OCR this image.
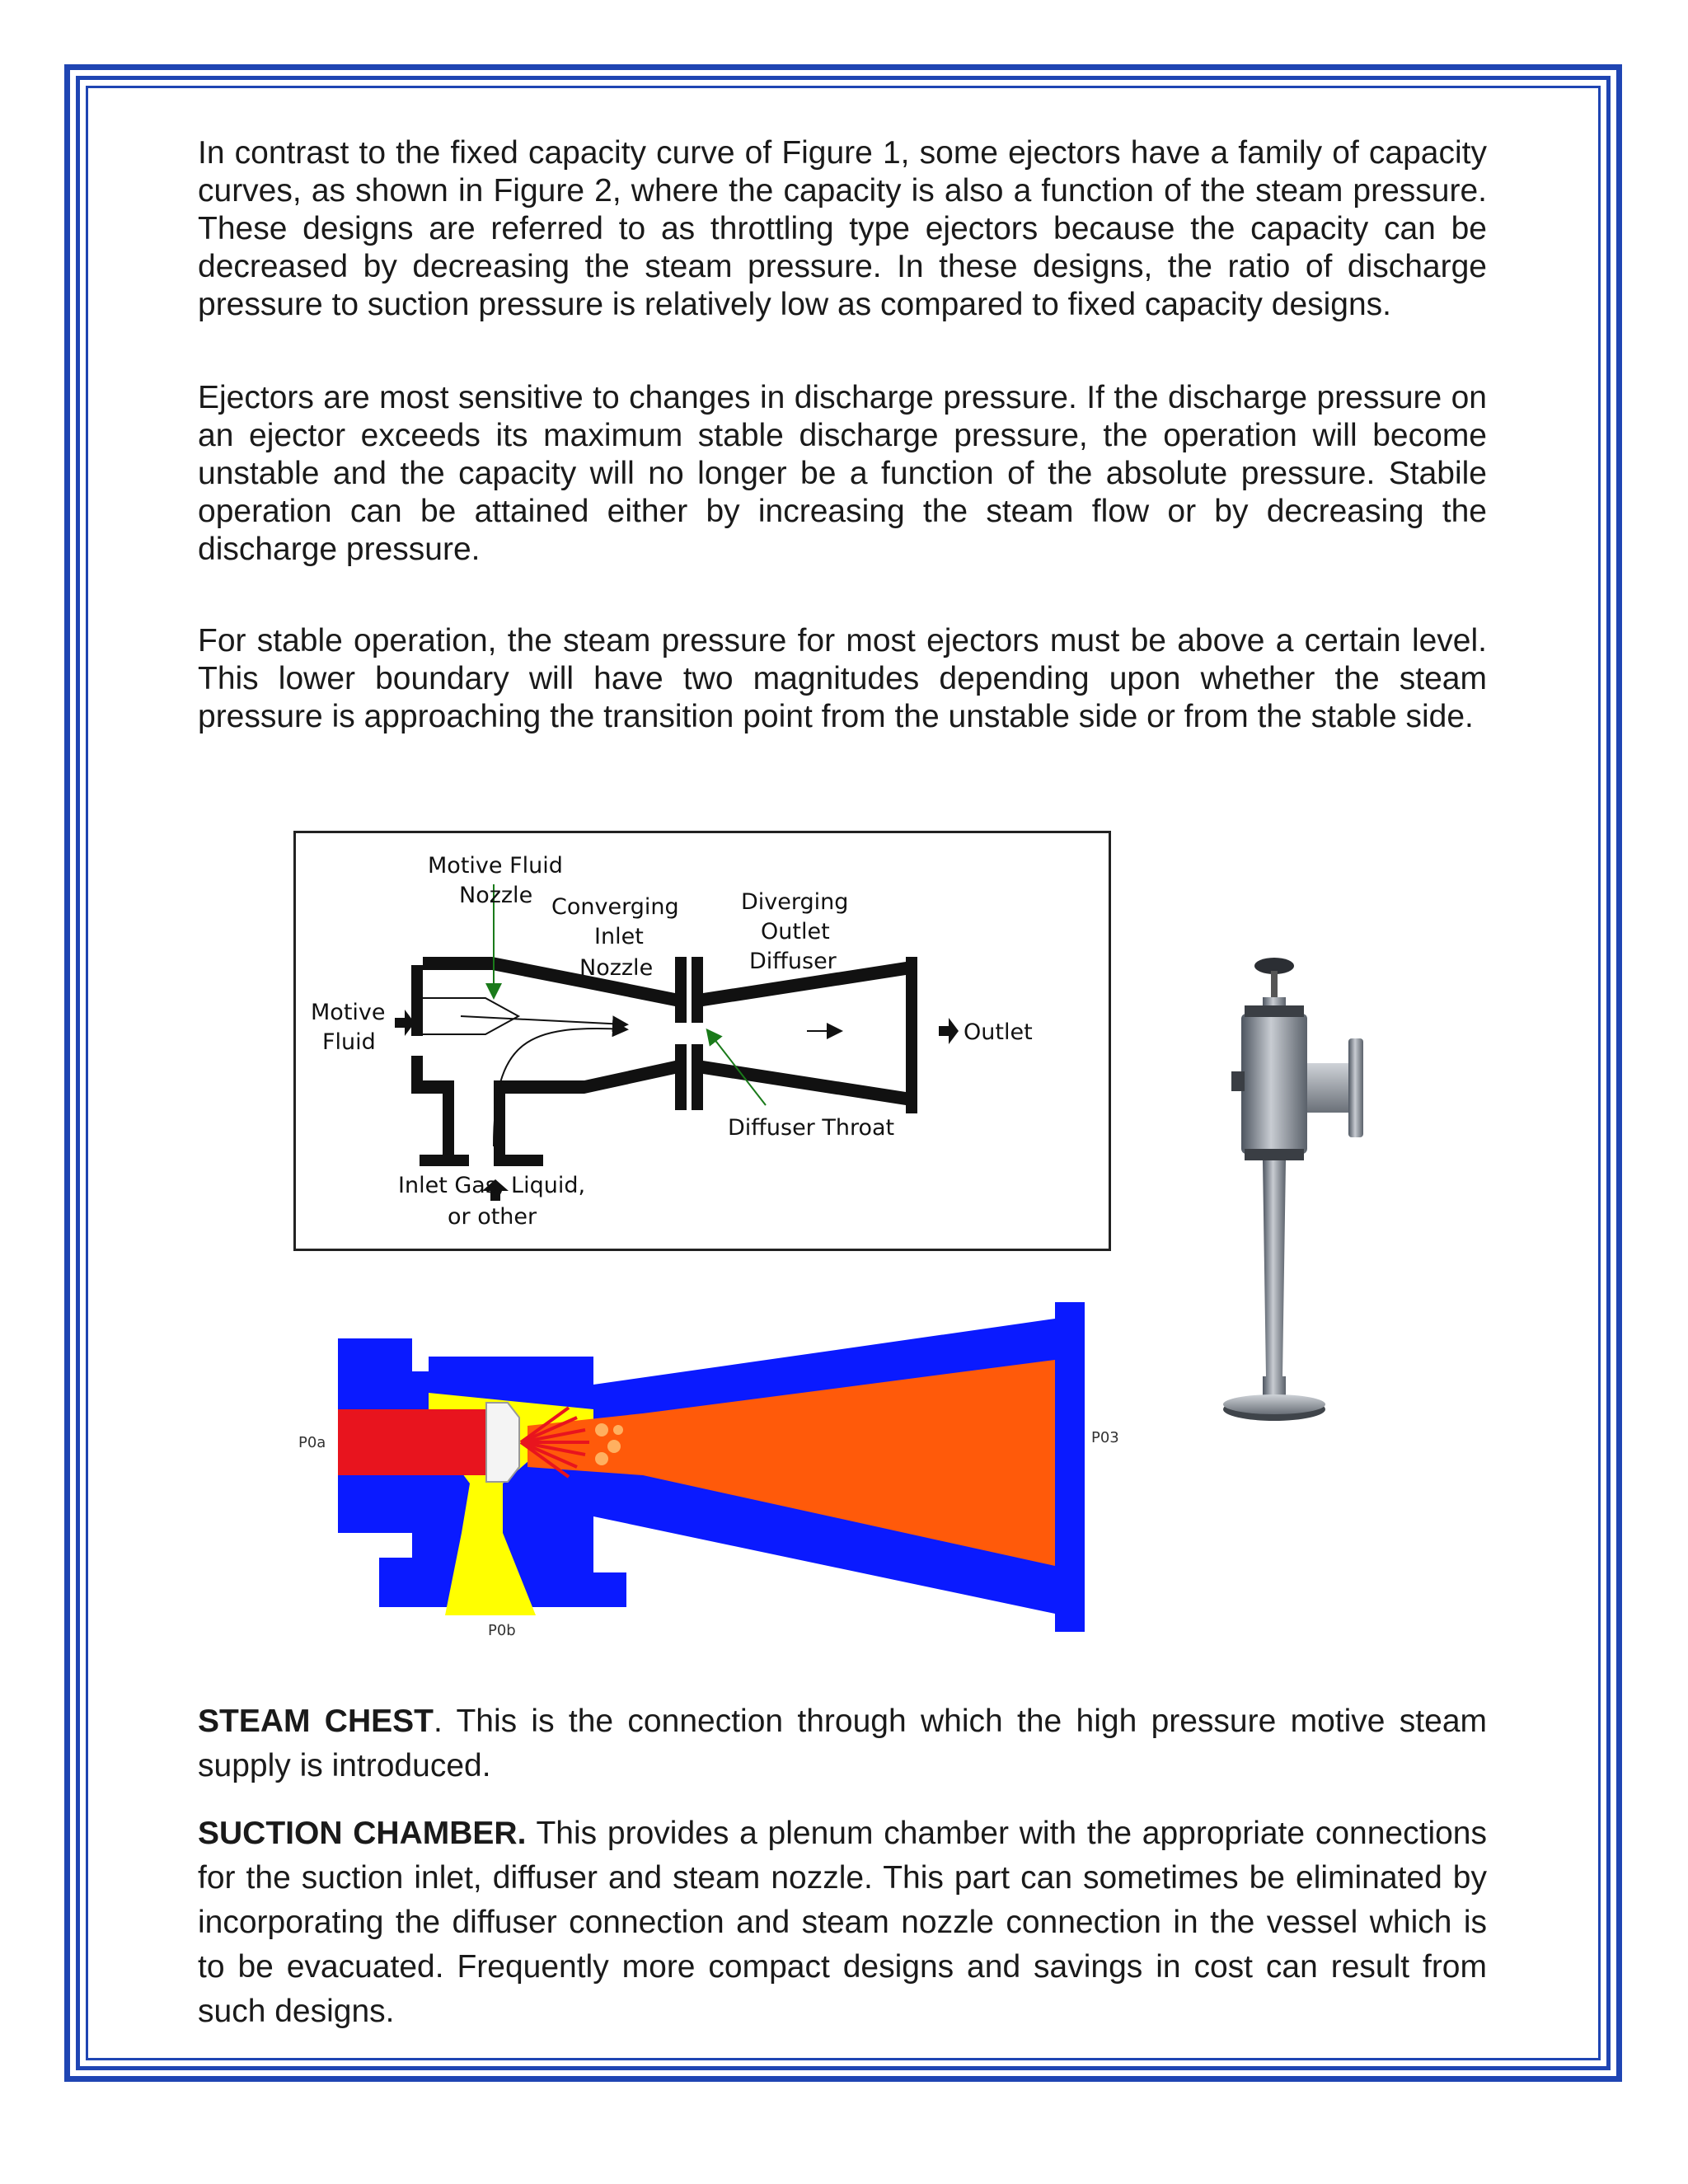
In contrast to the fixed capacity curve of Figure 1, some ejectors have a family of capacity curves, as shown in Figure 2, where the capacity is also a function of the steam pressure. These designs are referred to as throttling type ejectors because the capacity can be decreased by decreasing the steam pressure. In these designs, the ratio of discharge pressure to suction pressure is relatively low as compared to fixed capacity designs.

Ejectors are most sensitive to changes in discharge pressure. If the discharge pressure on an ejector exceeds its maximum stable discharge pressure, the operation will become unstable and the capacity will no longer be a function of the absolute pressure. Stabile operation can be attained either by increasing the steam flow or by decreasing the discharge pressure.

For stable operation, the steam pressure for most ejectors must be above a certain level. This lower boundary will have two magnitudes depending upon whether the steam pressure is approaching the transition point from the unstable side or from the stable side.

Motive Fluid
Nozzle Converging
Inlet
Nozzle
Diverging
Outlet
Diffuser
Motive
Fluid	Outlet
Diffuser Throat
Inlet Gas, Liquid,
or other
P0a
P0b
P03

STEAM CHEST. This is the connection through which the high pressure motive steam supply is introduced.

SUCTION CHAMBER. This provides a plenum chamber with the appropriate connections for the suction inlet, diffuser and steam nozzle. This part can sometimes be eliminated by incorporating the diffuser connection and steam nozzle connection in the vessel which is to be evacuated. Frequently more compact designs and savings in cost can result from such designs.
